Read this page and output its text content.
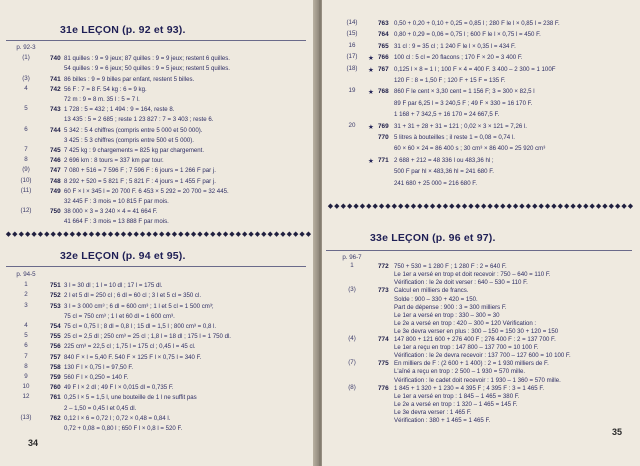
31e LEÇON (p. 92 et 93).
p. 92-3
(1)	740 81 quilles : 9 = 9 jeux; 87 quilles : 9 = 9 jeux; restent 6 quilles.
54 quilles : 9 = 6 jeux; 50 quilles : 9 = 5 jeux; restent 5 quilles.
(3)	741 86 billes : 9 = 9 billes par enfant, restent 5 billes.
4	742 56 F : 7 = 8 F. 54 kg : 6 = 9 kg.
72 m : 9 = 8 m. 35 l : 5 = 7 l.
5	743 1 728 : 5 = 432 ; 1 494 : 9 = 164, reste 8.
13 435 : 5 = 2 685 ; reste 1 23 827 : 7 = 3 403 ; reste 6.
6	744 5 342 : 5 4 chiffres (compris entre 5 000 et 50 000).
3 425 : 5 3 chiffres (compris entre 500 et 5 000).
7	745 7 425 kg : 9 chargements = 825 kg par chargement.
8	746 2 696 km : 8 tours = 337 km par tour.
(9)	747 7 080 + 516 = 7 596 F ; 7 596 F : 6 jours = 1 266 F par j.
(10)	748 8 292 + 520 = 5 821 F ; 5 821 F : 4 jours = 1 455 F par j.
(11)	749 60 F × l × 345 l = 20 700 F. 6 453 × 5 292 = 20 700 = 32 445.
32 445 F : 3 mois = 10 815 F par mois.
(12)	750 38 000 × 3 = 3 240 × 4 = 41 664 F.
41 664 F : 3 mois = 13 888 F par mois.
◆◆◆◆◆◆◆◆◆◆◆◆◆◆◆◆◆◆◆◆◆◆◆◆◆◆◆◆◆◆◆◆◆◆◆◆◆◆◆◆◆◆◆◆◆◆◆◆
32e LEÇON (p. 94 et 95).
p. 94-5
1	751 3 l = 30 dl ; 1 l = 10 dl ; 17 l = 175 dl.
2	752 2 l et 5 dl = 250 cl ; 6 dl = 60 cl ; 3 l et 5 cl = 350 cl.
3	753 3 l = 3 000 cm³ ; 6 dl = 600 cm³ ; 1 l et 5 cl = 1 500 cm³;
75 cl = 750 cm³ ; 1 l et 60 dl = 1 600 cm³.
4	754 75 cl = 0,75 l ; 8 dl = 0,8 l ; 15 dl = 1,5 l ; 800 cm³ = 0,8 l.
5	755 25 cl = 2,5 dl ; 250 cm³ = 25 cl ; 1,8 l = 18 dl ; 175 l = 1 750 dl.
6	756 225 cm³ = 22,5 cl ; 1,75 l = 175 cl ; 0,45 l = 45 cl.
7	757 840 F × l = 5,40 F. 540 F × 125 F l × 0,75 l = 340 F.
8	758 130 F l × 0,75 l = 97,50 F.
9	759 560 F l × 0,250 = 140 F.
10	760 49 F l × 2 dl ; 49 F l × 0,015 dl = 0,735 F.
12	761 0,25 l × 5 = 1,5 l, une bouteille de 1 l ne suffit pas
2 – 1,50 = 0,45 l et 0,45 dl.
(13)	762 0,12 l × 6 = 0,72 l ; 0,72 × 0,48 = 0,84 l.
0,72 + 0,08 = 0,80 l ; 650 F l × 0,8 l = 520 F.
34
(14)	763 0,50 + 0,20 + 0,10 + 0,25 = 0,85 l ; 280 F le l × 0,85 l = 238 F.
(15)	764 0,80 + 0,29 = 0,06 = 0,75 l ; 600 F le l × 0,75 l = 450 F.
16	765 31 cl : 9 = 35 cl ; 1 240 F le l × 0,35 l = 434 F.
(17)	766 100 cl : 5 cl = 20 flacons ; 170 F × 20 = 3 400 F.
★
(18)	767 0,125 l × 8 = 1 l ; 100 F × 4 = 400 F. 3 400 – 2 300 = 1 100F
★
120 F : 8 = 1,50 F ; 120 F + 15 F = 135 F.
19	768 860 F le cent × 3,30 cent = 1 156 F; 3 = 300 × 82,5 l
★
89 F par 6,25 l = 3 240,5 F ; 49 F × 330 = 16 170 F.
1 168 + 7 342,5 + 16 170 = 24 667,5 F.
20	769 31 + 31 + 28 + 31 = 121 ; 0,02 × 3 × 121 = 7,26 l.
★
770 5 litres à bouteilles ; il reste 1 = 0,08 = 0,74 l.
60 × 60 × 24 = 86 400 s ; 30 cm³ × 86 400 = 25 920 cm³
771 2 688 + 212 = 48 336 l ou 483,36 hl ;
★
500 F par hl × 483,36 hl = 241 680 F.
241 680 + 25 000 = 216 680 F.
◆◆◆◆◆◆◆◆◆◆◆◆◆◆◆◆◆◆◆◆◆◆◆◆◆◆◆◆◆◆◆◆◆◆◆◆◆◆◆◆◆◆◆◆◆◆◆◆
33e LEÇON (p. 96 et 97).
p. 96-7
1	772 750 + 530 = 1 280 F ; 1 280 F : 2 = 640 F.
Le 1er a versé en trop et doit recevoir : 750 – 640 = 110 F.
Vérification : le 2e doit verser : 640 – 530 = 110 F.
(3)	773 Calcul en milliers de francs.
Solde : 900 – 330 + 420 = 150.
Part de dépense : 900 : 3 = 300 milliers F.
Le 1er a versé en trop : 330 – 300 = 30
Le 2e a versé en trop : 420 – 300 = 120 Vérification :
Le 3e devra verser en plus : 300 – 150 = 150 30 + 120 = 150
(4)	774 147 800 + 121 600 + 276 400 F ; 276 400 F : 2 = 137 700 F.
Le 1er a reçu en trop : 147 800 – 137 700 = 10 100 F.
Vérification : le 2e devra recevoir : 137 700 – 127 600 = 10 100 F.
(7)	775 En milliers de F : (2 600 + 1 400) : 2 = 1 930 milliers de F.
L'aîné a reçu en trop : 2 500 – 1 930 = 570 mille.
Vérification : le cadet doit recevoir : 1 930 – 1 360 = 570 mille.
(8)	776 1 845 + 1 320 + 1 230 = 4 395 F ; 4 395 F : 3 = 1 465 F.
Le 1er a versé en trop : 1 845 – 1 465 = 380 F.
Le 2e a versé en trop : 1 320 – 1 465 = 145 F.
Le 3e devra verser : 1 465 F.
Vérification : 380 + 1 465 = 1 465 F.
35
